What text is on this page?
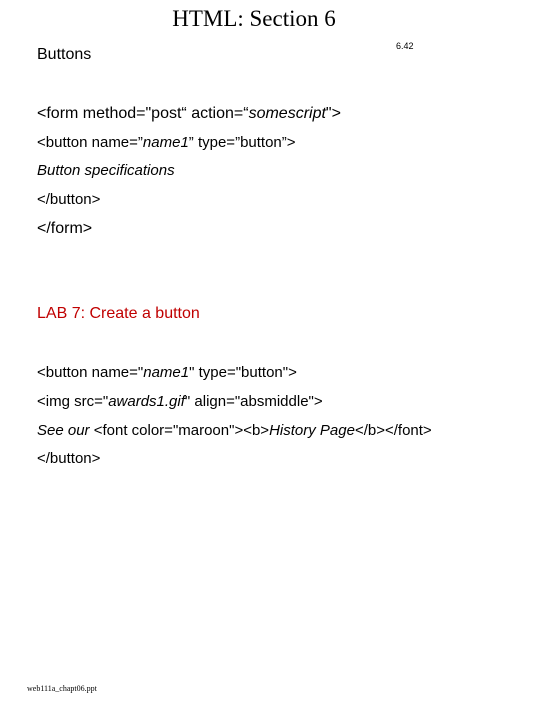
HTML: Section 6
6.42
Buttons
<form method="post“ action=“somescript">
<button name=”name1” type=”button”>
Button specifications
</button>
</form>
LAB 7: Create a button
<button name="name1" type="button">
<img src="awards1.gif" align="absmiddle">
See our <font color="maroon"><b>History Page</b></font>
</button>
web111a_chapt06.ppt
